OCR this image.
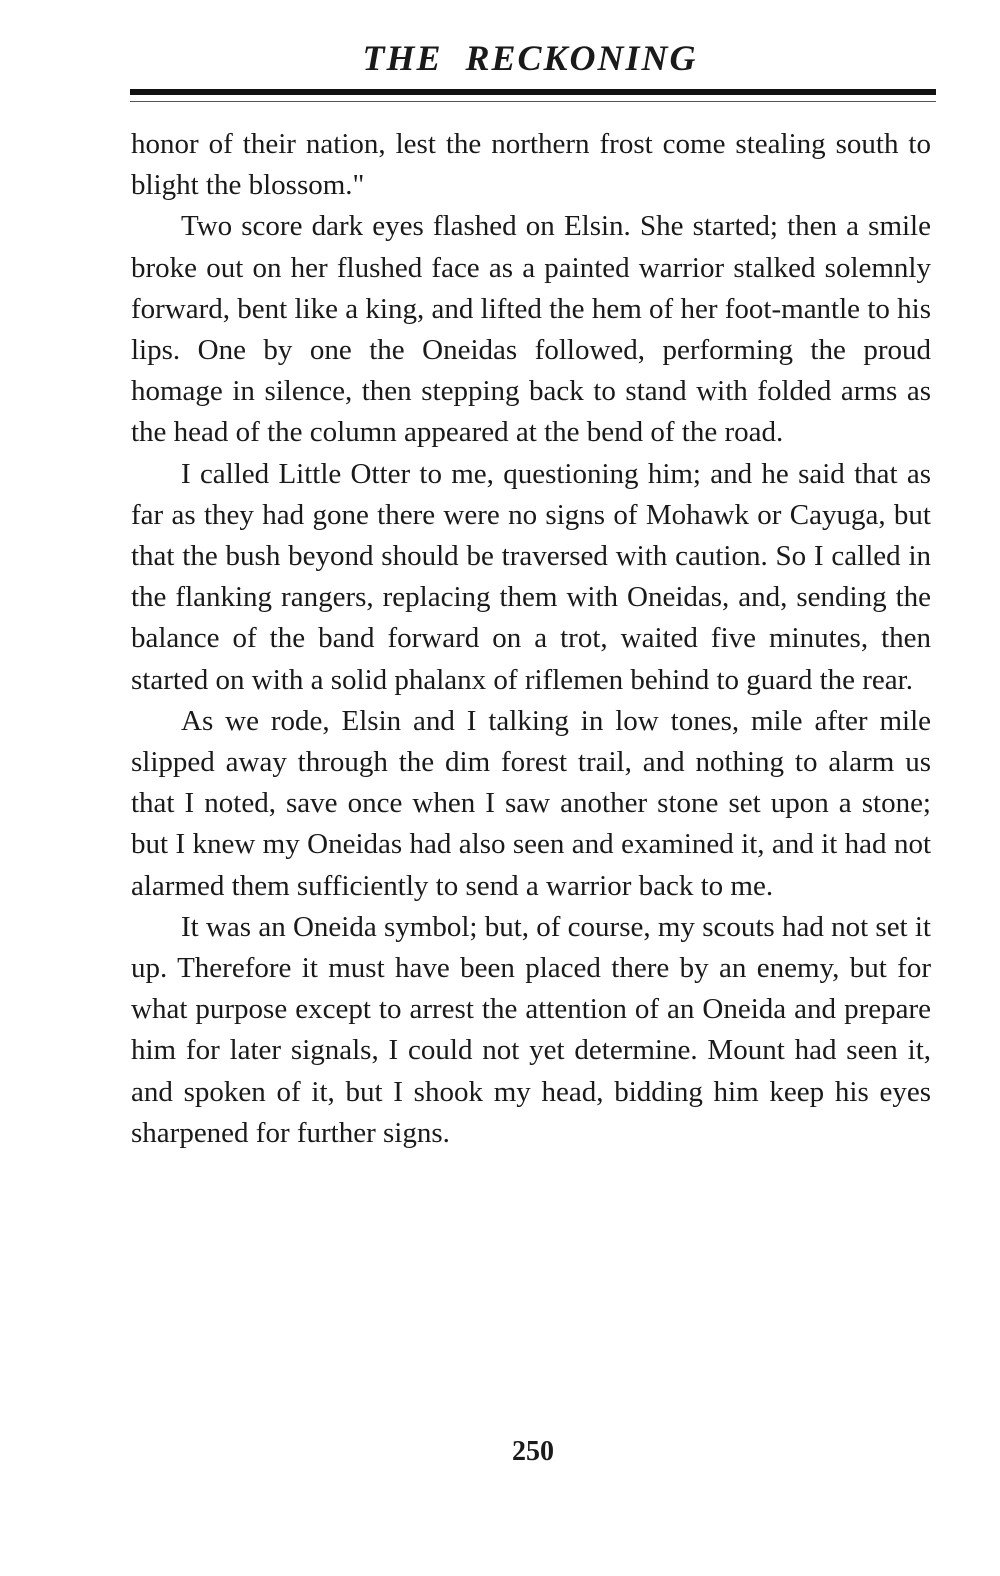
THE RECKONING

honor of their nation, lest the northern frost come stealing south to blight the blossom."

Two score dark eyes flashed on Elsin. She started; then a smile broke out on her flushed face as a painted warrior stalked solemnly forward, bent like a king, and lifted the hem of her foot-mantle to his lips. One by one the Oneidas followed, performing the proud homage in silence, then stepping back to stand with folded arms as the head of the column appeared at the bend of the road.

I called Little Otter to me, questioning him; and he said that as far as they had gone there were no signs of Mohawk or Cayuga, but that the bush beyond should be traversed with caution. So I called in the flanking rangers, replacing them with Oneidas, and, sending the balance of the band forward on a trot, waited five minutes, then started on with a solid phalanx of riflemen behind to guard the rear.

As we rode, Elsin and I talking in low tones, mile after mile slipped away through the dim forest trail, and nothing to alarm us that I noted, save once when I saw another stone set upon a stone; but I knew my Oneidas had also seen and examined it, and it had not alarmed them sufficiently to send a warrior back to me.

It was an Oneida symbol; but, of course, my scouts had not set it up. Therefore it must have been placed there by an enemy, but for what purpose except to arrest the attention of an Oneida and prepare him for later signals, I could not yet determine. Mount had seen it, and spoken of it, but I shook my head, bidding him keep his eyes sharpened for further signs.

250
